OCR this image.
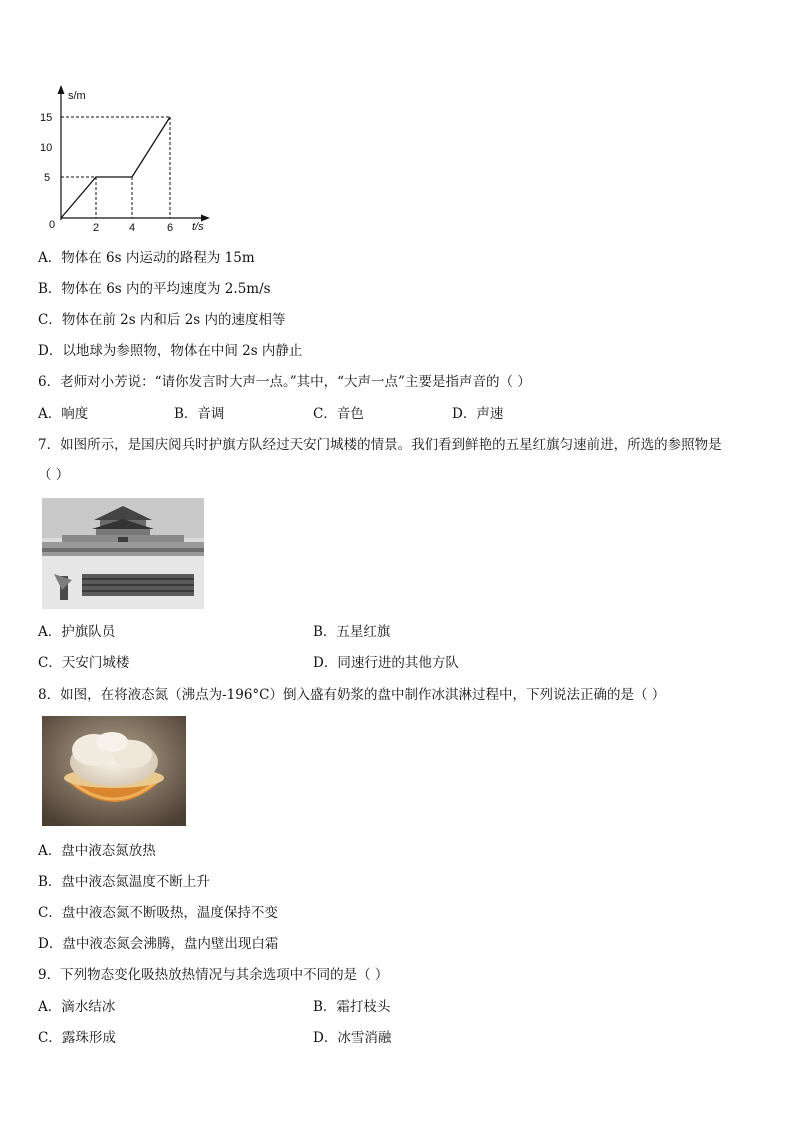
s/m
t/s
0
5
10
15
2	4	6
A．物体在 6s 内运动的路程为 15m
B．物体在 6s 内的平均速度为 2.5m/s
C．物体在前 2s 内和后 2s 内的速度相等
D．以地球为参照物，物体在中间 2s 内静止
6．老师对小芳说：“请你发言时大声一点。”其中，“大声一点”主要是指声音的（ ）
A．响度	B．音调	C．音色	D．声速
7．如图所示，是国庆阅兵时护旗方队经过天安门城楼的情景。我们看到鲜艳的五星红旗匀速前进，所选的参照物是
（ ）
A．护旗队员	B．五星红旗
C．天安门城楼	D．同速行进的其他方队
8．如图，在将液态氮（沸点为-196°C）倒入盛有奶浆的盘中制作冰淇淋过程中，下列说法正确的是（ ）
A．盘中液态氮放热
B．盘中液态氮温度不断上升
C．盘中液态氮不断吸热，温度保持不变
D．盘中液态氮会沸腾，盘内壁出现白霜
9．下列物态变化吸热放热情况与其余选项中不同的是（ ）
A．滴水结冰	B．霜打枝头
C．露珠形成	D．冰雪消融
